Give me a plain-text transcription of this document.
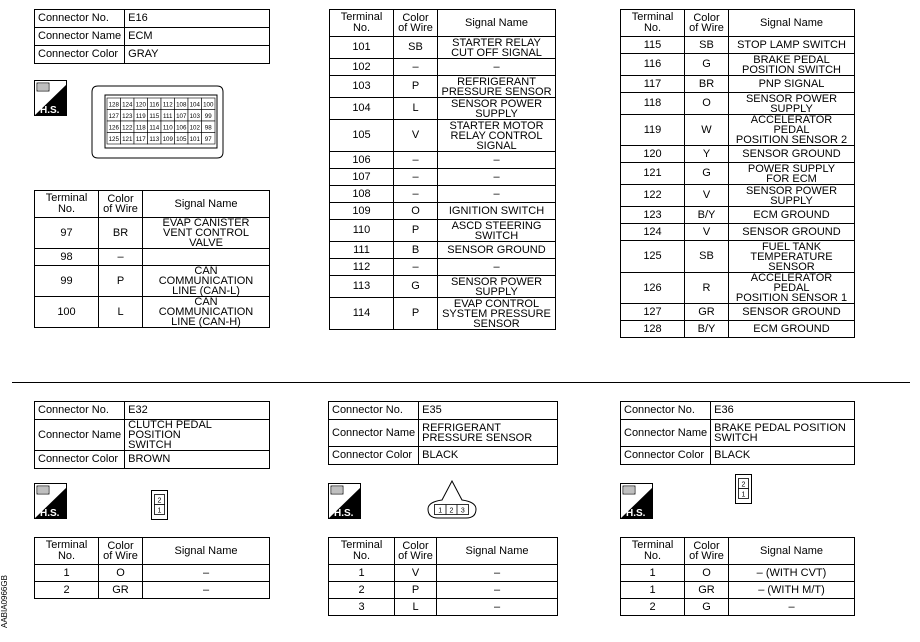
Connector No.	E16
Connector Name	ECM
Connector Color	GRAY
H.S.
128 124 120 116 112 108 104 100
127 123 119 115 111 107 103 99
126 122 118 114 110 106 102 98
125 121 117 113 109 105 101 97
Terminal No.	Color of Wire	Signal Name
97	BR	EVAP CANISTER
VENT CONTROL VALVE
98	–	
99	P	CAN COMMUNICATION
LINE (CAN-L)
100	L	CAN COMMUNICATION
LINE (CAN-H)
Terminal No.	Color of Wire	Signal Name
101	SB	STARTER RELAY
CUT OFF SIGNAL
102	–	–
103	P	REFRIGERANT
PRESSURE SENSOR
104	L	SENSOR POWER
SUPPLY
105	V	STARTER MOTOR
RELAY CONTROL
SIGNAL
106	–	–
107	–	–
108	–	–
109	O	IGNITION SWITCH
110	P	ASCD STEERING
SWITCH
111	B	SENSOR GROUND
112	–	–
113	G	SENSOR POWER
SUPPLY
114	P	EVAP CONTROL
SYSTEM PRESSURE
SENSOR
Terminal No.	Color of Wire	Signal Name
115	SB	STOP LAMP SWITCH
116	G	BRAKE PEDAL
POSITION SWITCH
117	BR	PNP SIGNAL
118	O	SENSOR POWER
SUPPLY
119	W	ACCELERATOR PEDAL
POSITION SENSOR 2
120	Y	SENSOR GROUND
121	G	POWER SUPPLY
FOR ECM
122	V	SENSOR POWER
SUPPLY
123	B/Y	ECM GROUND
124	V	SENSOR GROUND
125	SB	FUEL TANK
TEMPERATURE
SENSOR
126	R	ACCELERATOR PEDAL
POSITION SENSOR 1
127	GR	SENSOR GROUND
128	B/Y	ECM GROUND
Connector No.	E32
Connector Name	CLUTCH PEDAL POSITION
SWITCH
Connector Color	BROWN
H.S.
2
1
Terminal No.	Color of Wire	Signal Name
1	O	–
2	GR	–
Connector No.	E35
Connector Name	REFRIGERANT
PRESSURE SENSOR
Connector Color	BLACK
H.S.	1 2 3
Terminal No.	Color of Wire	Signal Name
1	V	–
2	P	–
3	L	–
Connector No.	E36
Connector Name	BRAKE PEDAL POSITION
SWITCH
Connector Color	BLACK
H.S.
2
1
Terminal No.	Color of Wire	Signal Name
1	O	– (WITH CVT)
1	GR	– (WITH M/T)
2	G	–
AABIA0966GB
